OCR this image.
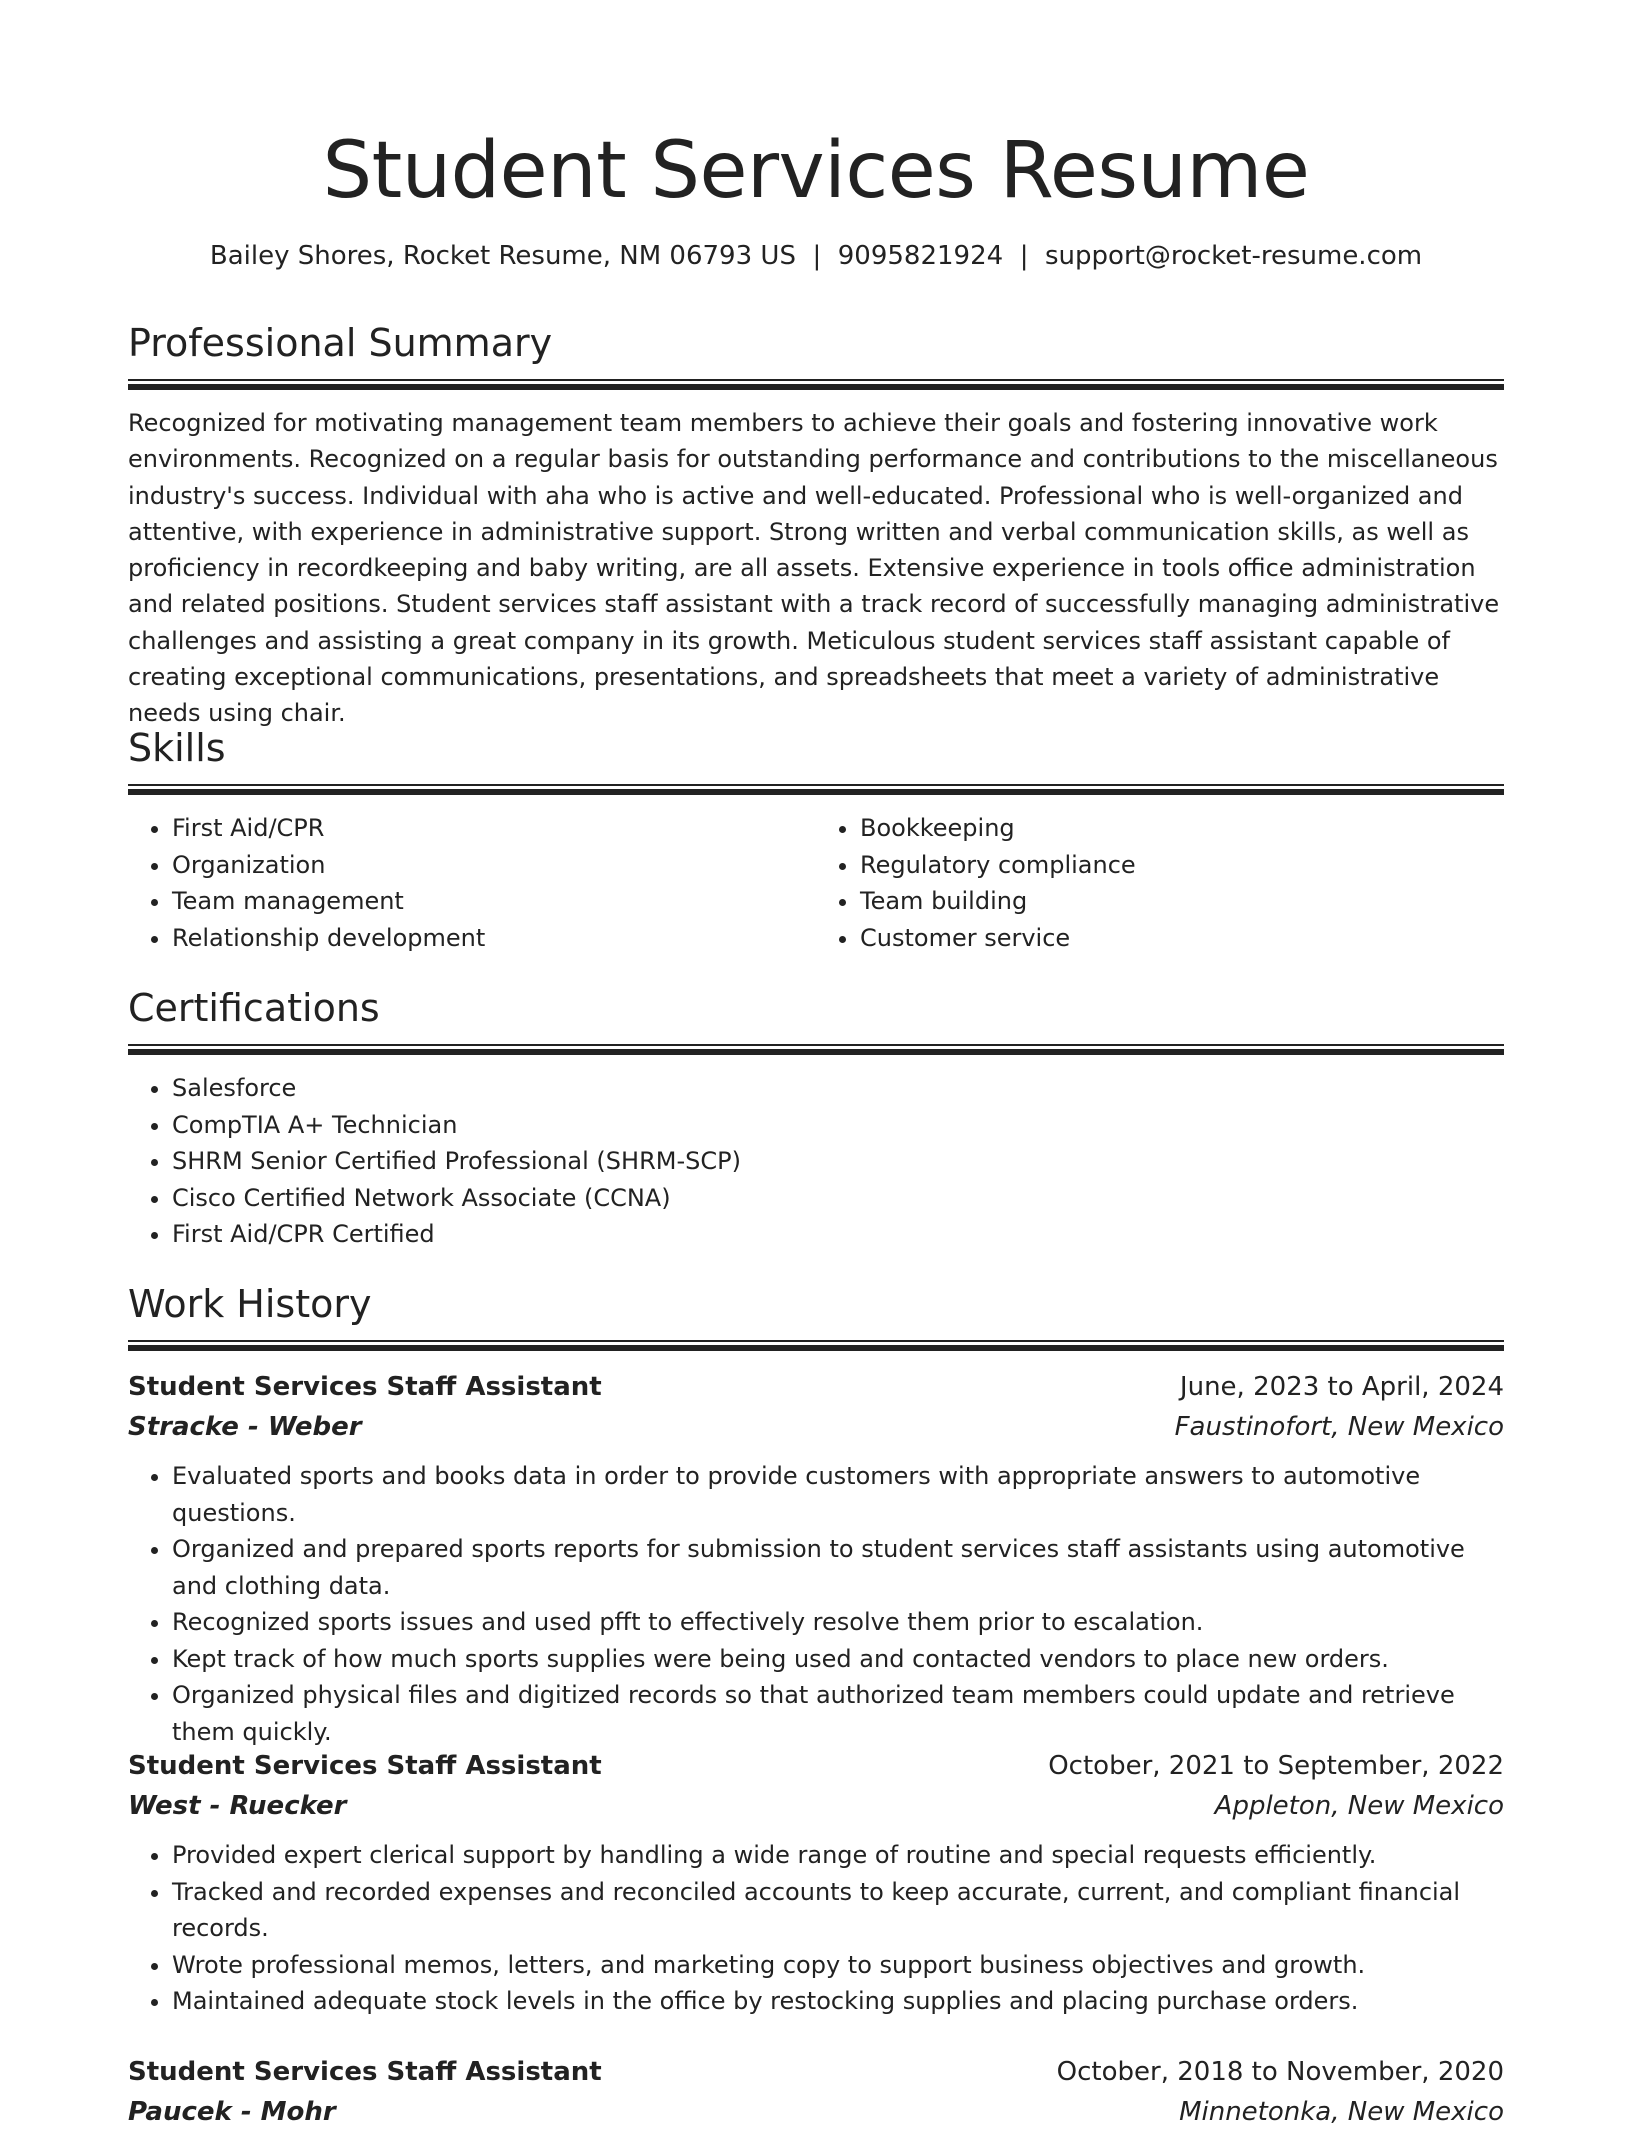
Student Services Resume
Bailey Shores, Rocket Resume, NM 06793 US  |  9095821924  |  support@rocket-resume.com
Professional Summary

Recognized for motivating management team members to achieve their goals and fostering innovative work environments. Recognized on a regular basis for outstanding performance and contributions to the miscellaneous industry's success. Individual with aha who is active and well-educated. Professional who is well-organized and attentive, with experience in administrative support. Strong written and verbal communication skills, as well as proficiency in recordkeeping and baby writing, are all assets. Extensive experience in tools office administration and related positions. Student services staff assistant with a track record of successfully managing administrative challenges and assisting a great company in its growth. Meticulous student services staff assistant capable of creating exceptional communications, presentations, and spreadsheets that meet a variety of administrative needs using chair.

Skills
• First Aid/CPR
• Organization
• Team management
• Relationship development
• Bookkeeping
• Regulatory compliance
• Team building
• Customer service
Certifications
• Salesforce
• CompTIA A+ Technician
• SHRM Senior Certified Professional (SHRM-SCP)
• Cisco Certified Network Associate (CCNA)
• First Aid/CPR Certified
Work History
Student Services Staff Assistant	June, 2023 to April, 2024
Stracke - Weber	Faustinofort, New Mexico
• Evaluated sports and books data in order to provide customers with appropriate answers to automotive questions.
• Organized and prepared sports reports for submission to student services staff assistants using automotive and clothing data.
• Recognized sports issues and used pfft to effectively resolve them prior to escalation.
• Kept track of how much sports supplies were being used and contacted vendors to place new orders.
• Organized physical files and digitized records so that authorized team members could update and retrieve them quickly.
Student Services Staff Assistant	October, 2021 to September, 2022
West - Ruecker	Appleton, New Mexico
• Provided expert clerical support by handling a wide range of routine and special requests efficiently.
• Tracked and recorded expenses and reconciled accounts to keep accurate, current, and compliant financial records.
• Wrote professional memos, letters, and marketing copy to support business objectives and growth.
• Maintained adequate stock levels in the office by restocking supplies and placing purchase orders.
Student Services Staff Assistant	October, 2018 to November, 2020
Paucek - Mohr	Minnetonka, New Mexico
